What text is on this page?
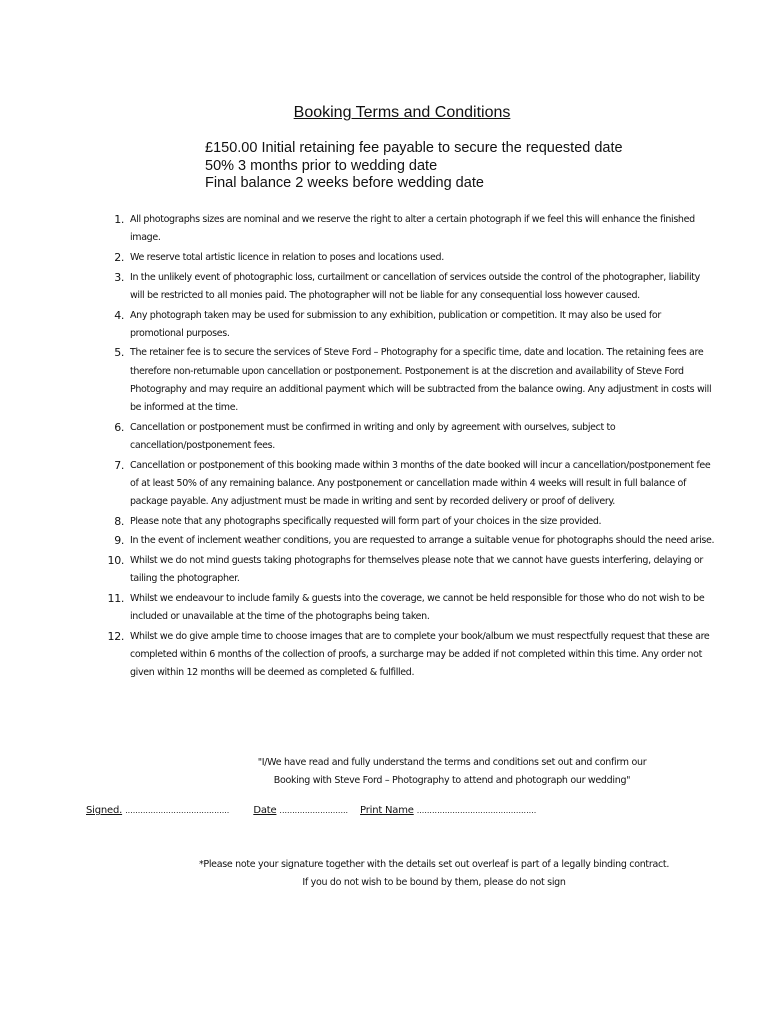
Booking Terms and Conditions
£150.00 Initial retaining fee payable to secure the requested date
50% 3 months prior to wedding date
Final balance 2 weeks before wedding date
1. All photographs sizes are nominal and we reserve the right to alter a certain photograph if we feel this will enhance the finished image.
2. We reserve total artistic licence in relation to poses and locations used.
3. In the unlikely event of photographic loss, curtailment or cancellation of services outside the control of the photographer, liability will be restricted to all monies paid. The photographer will not be liable for any consequential loss however caused.
4. Any photograph taken may be used for submission to any exhibition, publication or competition. It may also be used for promotional purposes.
5. The retainer fee is to secure the services of Steve Ford – Photography for a specific time, date and location. The retaining fees are therefore non-returnable upon cancellation or postponement. Postponement is at the discretion and availability of Steve Ford Photography and may require an additional payment which will be subtracted from the balance owing. Any adjustment in costs will be informed at the time.
6. Cancellation or postponement must be confirmed in writing and only by agreement with ourselves, subject to cancellation/postponement fees.
7. Cancellation or postponement of this booking made within 3 months of the date booked will incur a cancellation/postponement fee of at least 50% of any remaining balance. Any postponement or cancellation made within 4 weeks will result in full balance of package payable. Any adjustment must be made in writing and sent by recorded delivery or proof of delivery.
8. Please note that any photographs specifically requested will form part of your choices in the size provided.
9. In the event of inclement weather conditions, you are requested to arrange a suitable venue for photographs should the need arise.
10. Whilst we do not mind guests taking photographs for themselves please note that we cannot have guests interfering, delaying or tailing the photographer.
11. Whilst we endeavour to include family & guests into the coverage, we cannot be held responsible for those who do not wish to be included or unavailable at the time of the photographs being taken.
12. Whilst we do give ample time to choose images that are to complete your book/album we must respectfully request that these are completed within 6 months of the collection of proofs, a surcharge may be added if not completed within this time. Any order not given within 12 months will be deemed as completed & fulfilled.
"I/We have read and fully understand the terms and conditions set out and confirm our
Booking with Steve Ford – Photography to attend and photograph our wedding"
Signed. ......................................... Date ........................... Print Name ...............................................
*Please note your signature together with the details set out overleaf is part of a legally binding contract.
If you do not wish to be bound by them, please do not sign
